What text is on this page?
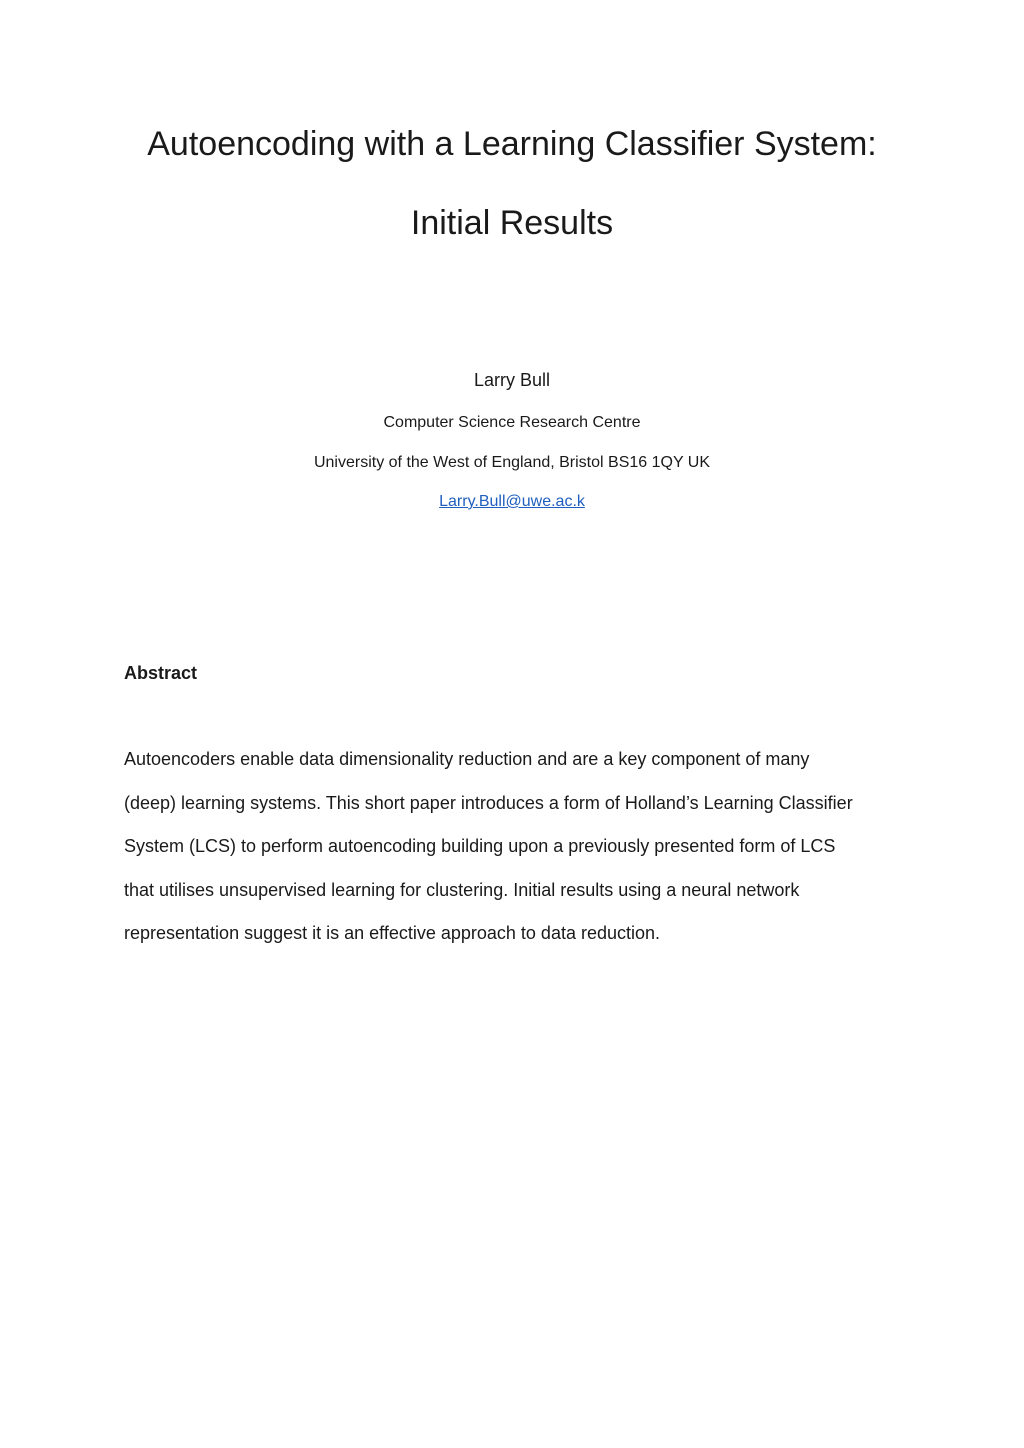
Autoencoding with a Learning Classifier System:
Initial Results

Larry Bull

Computer Science Research Centre

University of the West of England, Bristol BS16 1QY UK

Larry.Bull@uwe.ac.k

Abstract
Autoencoders enable data dimensionality reduction and are a key component of many
(deep) learning systems. This short paper introduces a form of Holland’s Learning Classifier
System (LCS) to perform autoencoding building upon a previously presented form of LCS
that utilises unsupervised learning for clustering. Initial results using a neural network
representation suggest it is an effective approach to data reduction.
